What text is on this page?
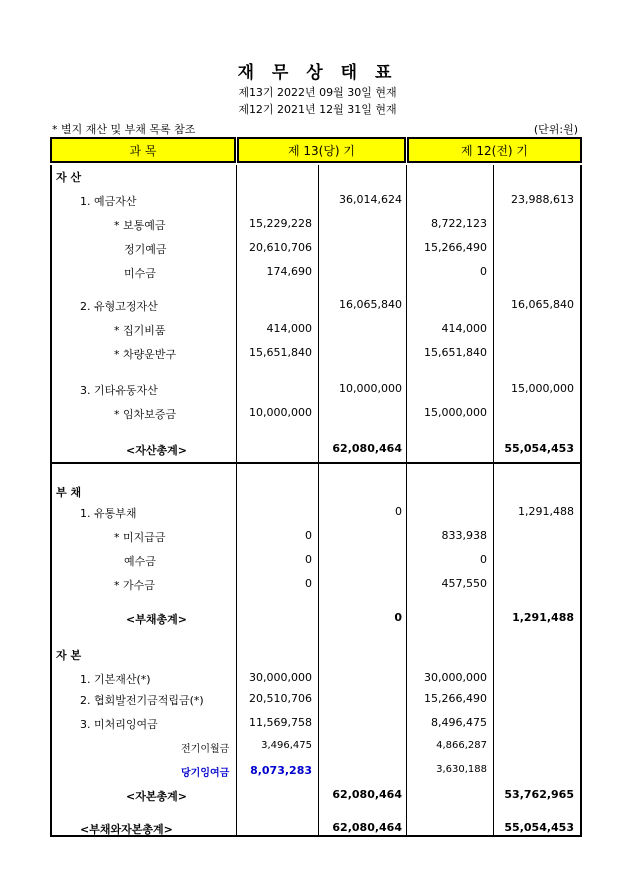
재 무 상 태 표
제13기 2022년 09월 30일 현재
제12기 2021년 12월 31일 현재
* 별지 재산 및 부채 목록 참조	(단위:원)
과 목	제 13(당) 기	제 12(전) 기
자 산
1. 예금자산	36,014,624	23,988,613
* 보통예금	15,229,228	8,722,123
정기예금	20,610,706	15,266,490
미수금	174,690	0
2. 유형고정자산	16,065,840	16,065,840
* 집기비품	414,000	414,000
* 차량운반구	15,651,840	15,651,840
3. 기타유동자산	10,000,000	15,000,000
* 임차보증금	10,000,000	15,000,000
<자산총계>	62,080,464	55,054,453
부 채
1. 유통부채	0	1,291,488
* 미지급금	0	833,938
예수금	0	0
* 가수금	0	457,550
<부채총계>	0	1,291,488
자 본
1. 기본재산(*)	30,000,000	30,000,000
2. 협회발전기금적립금(*)	20,510,706	15,266,490
3. 미처리잉여금	11,569,758	8,496,475
전기이월금	3,496,475	4,866,287
당기잉여금 8,073,283	3,630,188
<자본총계>	62,080,464	53,762,965
<부채와자본총계>	62,080,464	55,054,453
